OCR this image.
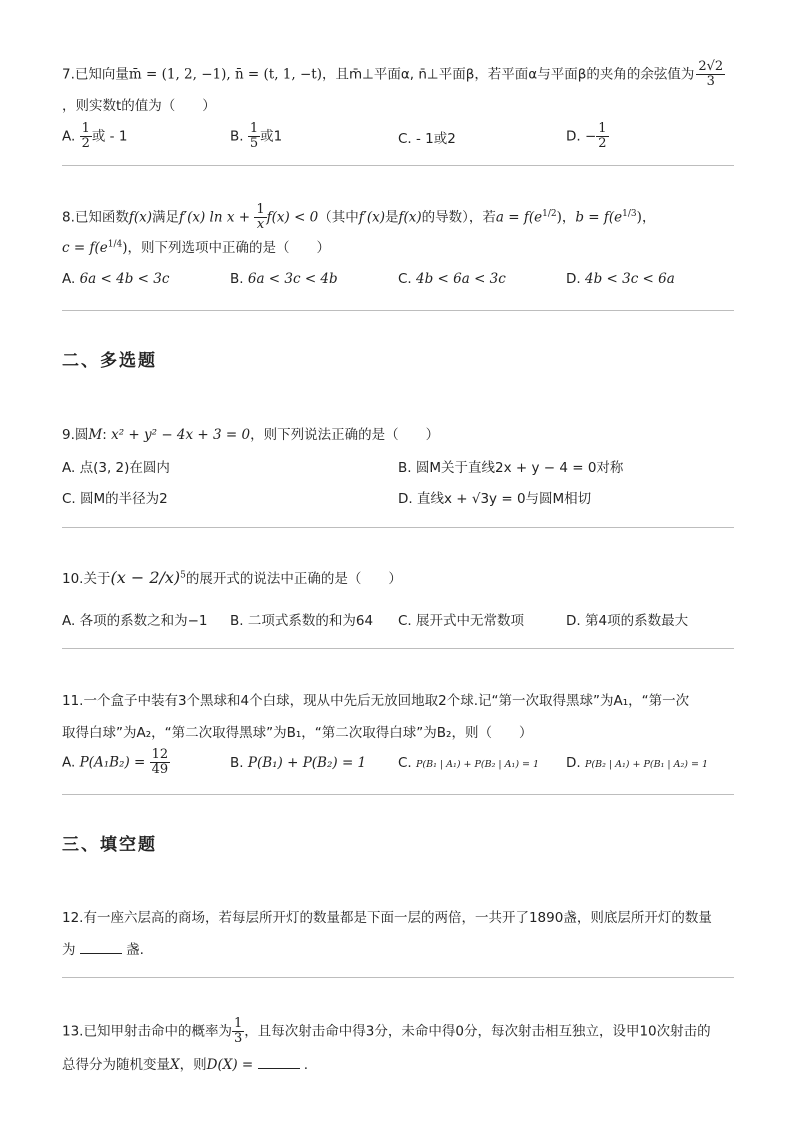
7.已知向量m̄ = (1, 2, −1), n̄ = (t, 1, −t)，且m̄⊥平面α, n̄⊥平面β，若平面α与平面β的夹角的余弦值为 $\frac{2√2}{3}$
，则实数t的值为（　　）
A. $\frac{1}{2}$ 或 - 1	B. $\frac{1}{5}$ 或1	C. - 1或2	D. − $\frac{1}{2}$
8.已知函数f(x)满足f′(x) $\ln x + \frac{1}{x} f(x) < 0$（其中f′(x)是f(x)的导数），若$a = f(e^{1/2})$，$b = f(e^{1/3})$，
$c = f(e^{1/4})$，则下列选项中正确的是（　　）
A. 6a < 4b < 3c	B. 6a < 3c < 4b	C. 4b < 6a < 3c	D. 4b < 3c < 6a
二、多选题
9.圆M: x² + y² − 4x + 3 = 0，则下列说法正确的是（　　）
A. 点(3, 2)在圆内	B. 圆M关于直线2x + y − 4 = 0对称
C. 圆M的半径为2	D. 直线x + √3y = 0与圆M相切
10.关于$(x - 2/x)^5$的展开式的说法中正确的是（　　）
A. 各项的系数之和为−1 B. 二项式系数的和为64 C. 展开式中无常数项	D. 第4项的系数最大
11.一个盒子中装有3个黑球和4个白球，现从中先后无放回地取2个球.记“第一次取得黑球”为A₁，“第一次
取得白球”为A₂，“第二次取得黑球”为B₁，“第二次取得白球”为B₂，则（　　）
A. $P(A_1B_2) = \frac{12}{49}$	B. P(B₁) + P(B₂) = 1 C. P(B₁ | A₁) + P(B₂ | A₁) = 1 D. P(B₂ | A₁) + P(B₁ | A₂) = 1
三、填空题
12.有一座六层高的商场，若每层所开灯的数量都是下面一层的两倍，一共开了1890盏，则底层所开灯的数量
为	盏.
13.已知甲射击命中的概率为 $\frac{1}{3}$ ，且每次射击命中得3分，未命中得0分，每次射击相互独立，设甲10次射击的
总得分为随机变量X，则D(X) =	.
